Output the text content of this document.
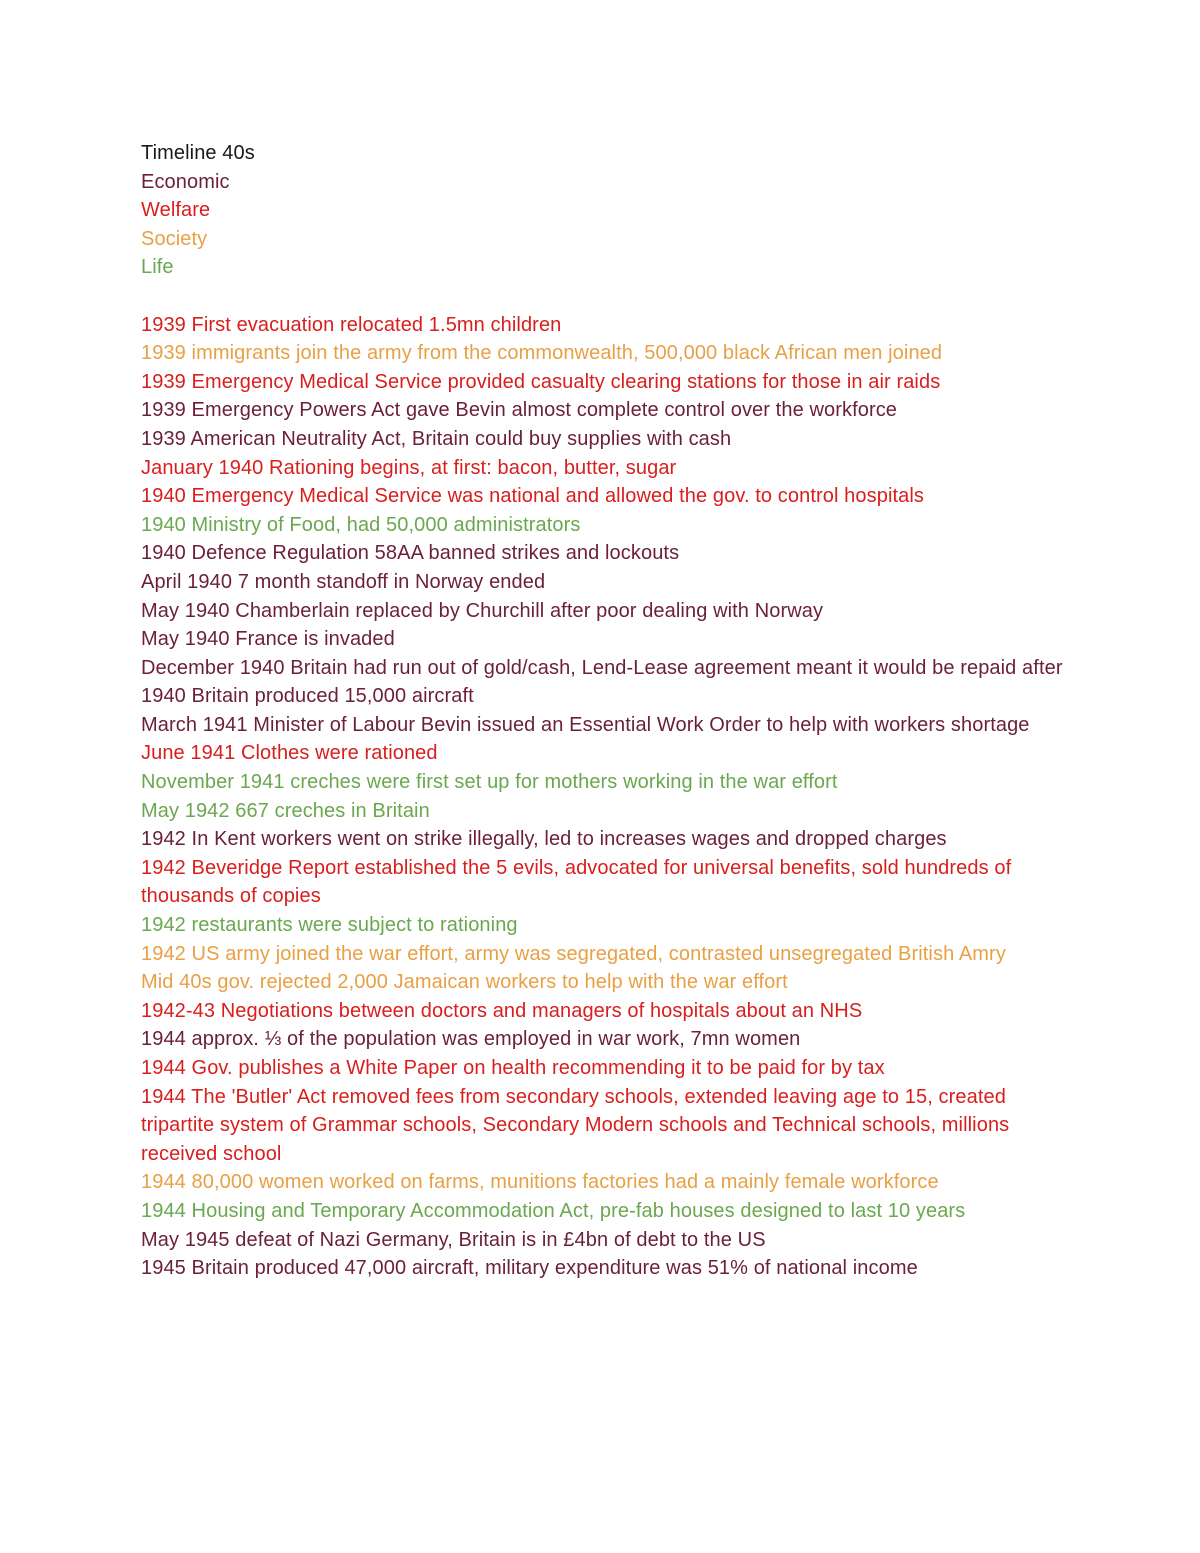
Timeline 40s

Economic

Welfare

Society

Life

1939 First evacuation relocated 1.5mn children

1939 immigrants join the army from the commonwealth, 500,000 black African men joined

1939 Emergency Medical Service provided casualty clearing stations for those in air raids

1939 Emergency Powers Act gave Bevin almost complete control over the workforce

1939 American Neutrality Act, Britain could buy supplies with cash

January 1940 Rationing begins, at first: bacon, butter, sugar

1940 Emergency Medical Service was national and allowed the gov. to control hospitals

1940 Ministry of Food, had 50,000 administrators

1940 Defence Regulation 58AA banned strikes and lockouts

April 1940 7 month standoff in Norway ended

May 1940 Chamberlain replaced by Churchill after poor dealing with Norway

May 1940 France is invaded

December 1940 Britain had run out of gold/cash, Lend-Lease agreement meant it would be repaid after

1940 Britain produced 15,000 aircraft

March 1941 Minister of Labour Bevin issued an Essential Work Order to help with workers shortage

June 1941 Clothes were rationed

November 1941 creches were first set up for mothers working in the war effort

May 1942 667 creches in Britain

1942 In Kent workers went on strike illegally, led to increases wages and dropped charges

1942 Beveridge Report established the 5 evils, advocated for universal benefits, sold hundreds of thousands of copies

1942 restaurants were subject to rationing

1942 US army joined the war effort, army was segregated, contrasted unsegregated British Amry

Mid 40s gov. rejected 2,000 Jamaican workers to help with the war effort

1942-43 Negotiations between doctors and managers of hospitals about an NHS

1944 approx. ⅓ of the population was employed in war work, 7mn women

1944 Gov. publishes a White Paper on health recommending it to be paid for by tax

1944 The 'Butler' Act removed fees from secondary schools, extended leaving age to 15, created tripartite system of Grammar schools, Secondary Modern schools and Technical schools, millions received school

1944 80,000 women worked on farms, munitions factories had a mainly female workforce

1944 Housing and Temporary Accommodation Act, pre-fab houses designed to last 10 years

May 1945 defeat of Nazi Germany, Britain is in £4bn of debt to the US

1945 Britain produced 47,000 aircraft, military expenditure was 51% of national income
